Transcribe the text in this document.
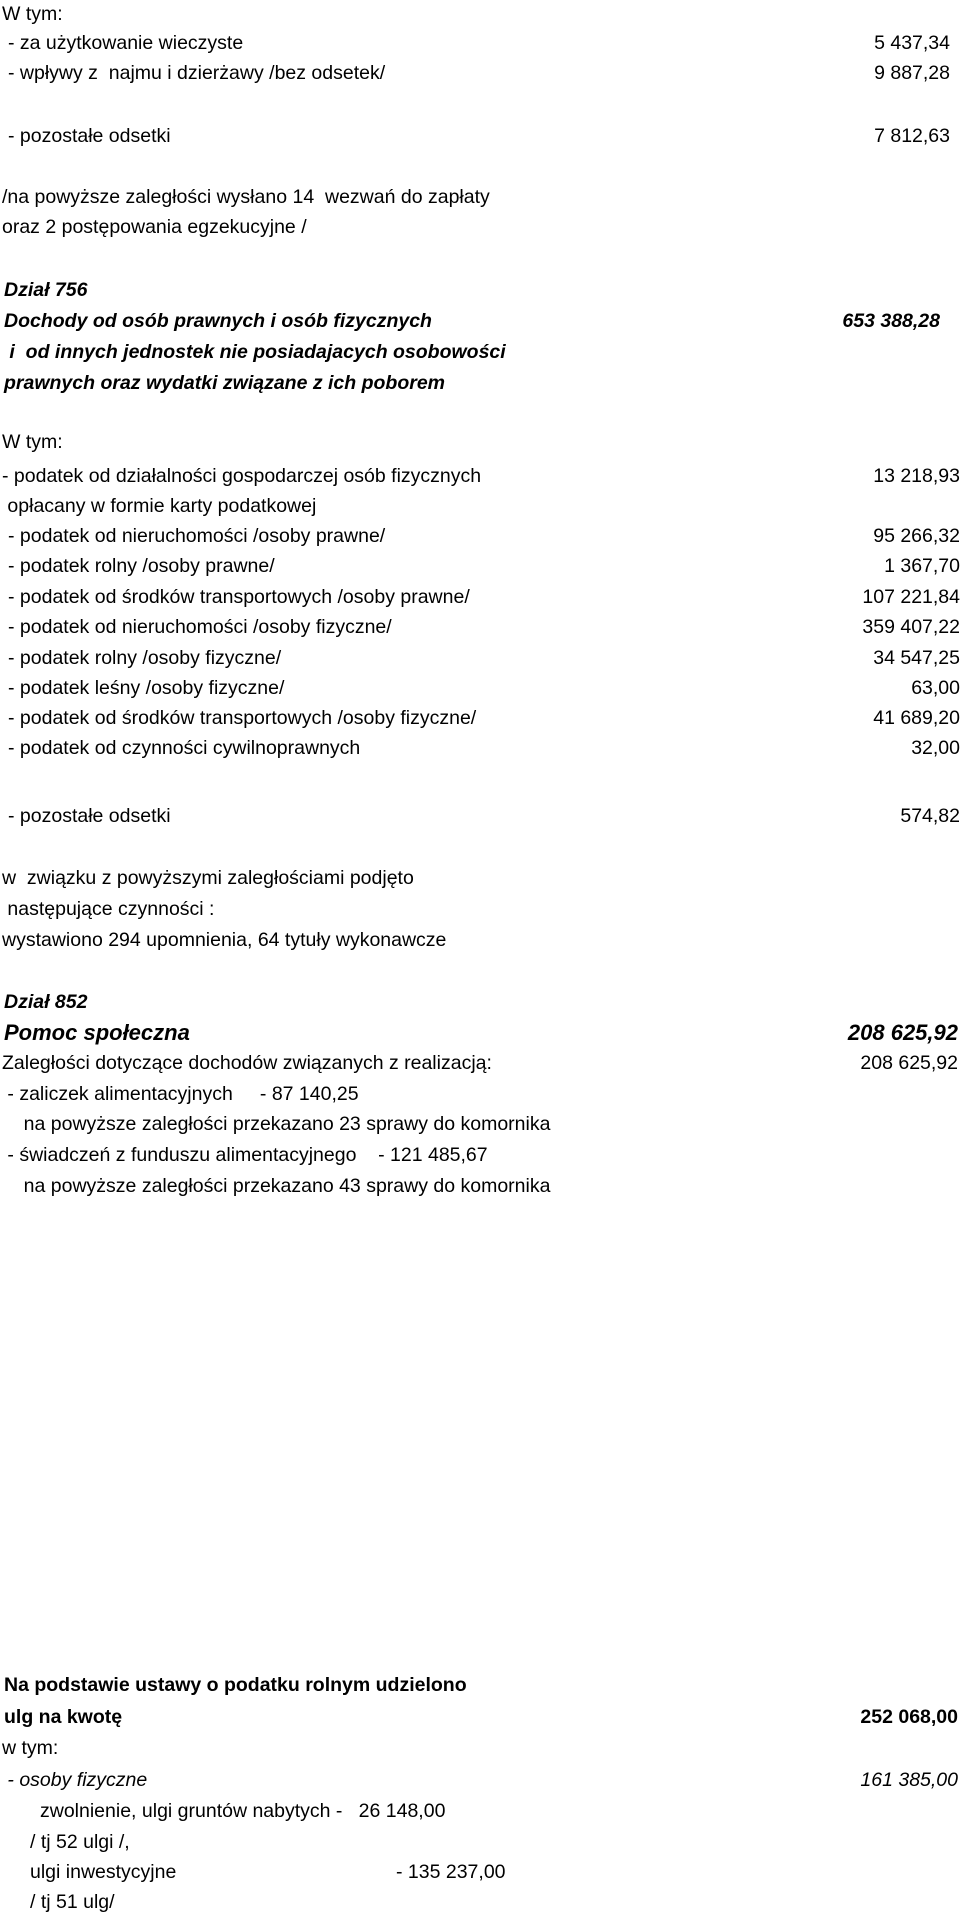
W tym:
- za użytkowanie wieczyste	5 437,34
- wpływy z  najmu i dzierżawy /bez odsetek/	9 887,28
- pozostałe odsetki	7 812,63
/na powyższe zaległości wysłano 14  wezwań do zapłaty
oraz 2 postępowania egzekucyjne /
Dział 756
Dochody od osób prawnych i osób fizycznych	653 388,28
i  od innych jednostek nie posiadajacych osobowości
prawnych oraz wydatki związane z ich poborem
W tym:
- podatek od działalności gospodarczej osób fizycznych	13 218,93
opłacany w formie karty podatkowej
- podatek od nieruchomości /osoby prawne/	95 266,32
- podatek rolny /osoby prawne/	1 367,70
- podatek od środków transportowych /osoby prawne/	107 221,84
- podatek od nieruchomości /osoby fizyczne/	359 407,22
- podatek rolny /osoby fizyczne/	34 547,25
- podatek leśny /osoby fizyczne/	63,00
- podatek od środków transportowych /osoby fizyczne/	41 689,20
- podatek od czynności cywilnoprawnych	32,00
- pozostałe odsetki	574,82
w  związku z powyższymi zaległościami podjęto
następujące czynności :
wystawiono 294 upomnienia, 64 tytuły wykonawcze
Dział 852
Pomoc społeczna	208 625,92
Zaległości dotyczące dochodów związanych z realizacją:	208 625,92
- zaliczek alimentacyjnych     - 87 140,25
na powyższe zaległości przekazano 23 sprawy do komornika
- świadczeń z funduszu alimentacyjnego    - 121 485,67
na powyższe zaległości przekazano 43 sprawy do komornika
Na podstawie ustawy o podatku rolnym udzielono
ulg na kwotę	252 068,00
w tym:
- osoby fizyczne	161 385,00
zwolnienie, ulgi gruntów nabytych -   26 148,00
/ tj 52 ulgi /,
ulgi inwestycyjne	- 135 237,00
/ tj 51 ulg/
